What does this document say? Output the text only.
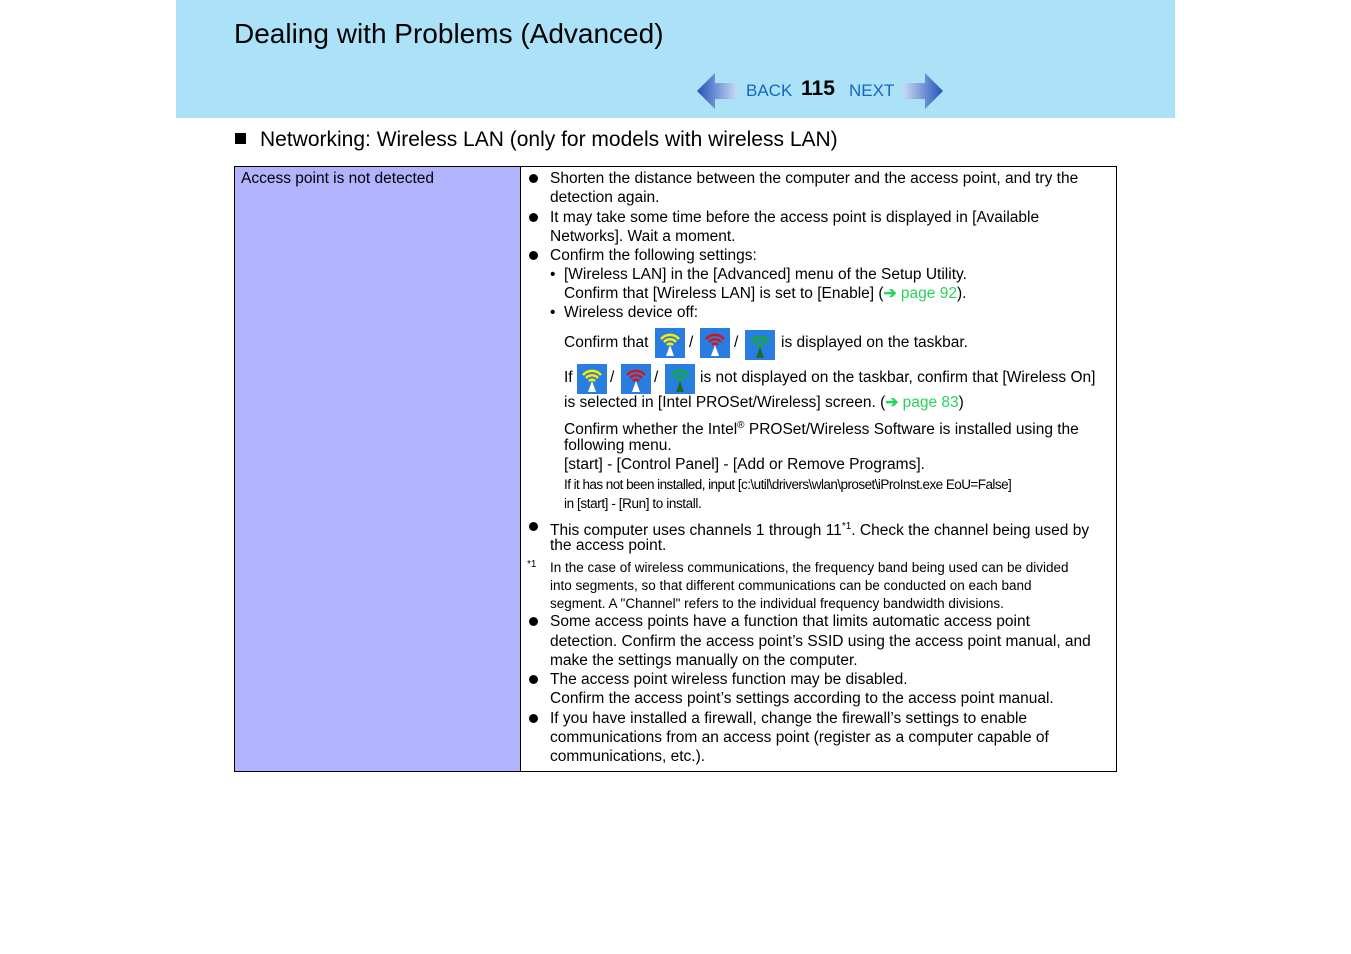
Dealing with Problems (Advanced)
BACK 115 NEXT
Networking: Wireless LAN (only for models with wireless LAN)
Access point is not detected	Shorten the distance between the computer and the access point, and try the
detection again.
It may take some time before the access point is displayed in [Available
Networks]. Wait a moment.
Confirm the following settings:
• [Wireless LAN] in the [Advanced] menu of the Setup Utility.
Confirm that [Wireless LAN] is set to [Enable] (➔ page 92).
• Wireless device off:
Confirm that	/	/	is displayed on the taskbar.
If /	/	is not displayed on the taskbar, confirm that [Wireless On]
is selected in [Intel PROSet/Wireless] screen. (➔ page 83)
Confirm whether the Intel® PROSet/Wireless Software is installed using the
following menu.
[start] - [Control Panel] - [Add or Remove Programs].
If it has not been installed, input [c:\util\drivers\wlan\proset\iProInst.exe EoU=False]
in [start] - [Run] to install.
This computer uses channels 1 through 11$^{*1}$. Check the channel being used by
the access point.
*1 In the case of wireless communications, the frequency band being used can be divided
into segments, so that different communications can be conducted on each band
segment. A "Channel" refers to the individual frequency bandwidth divisions.
Some access points have a function that limits automatic access point
detection. Confirm the access point’s SSID using the access point manual, and
make the settings manually on the computer.
The access point wireless function may be disabled.
Confirm the access point’s settings according to the access point manual.
If you have installed a firewall, change the firewall’s settings to enable
communications from an access point (register as a computer capable of
communications, etc.).
